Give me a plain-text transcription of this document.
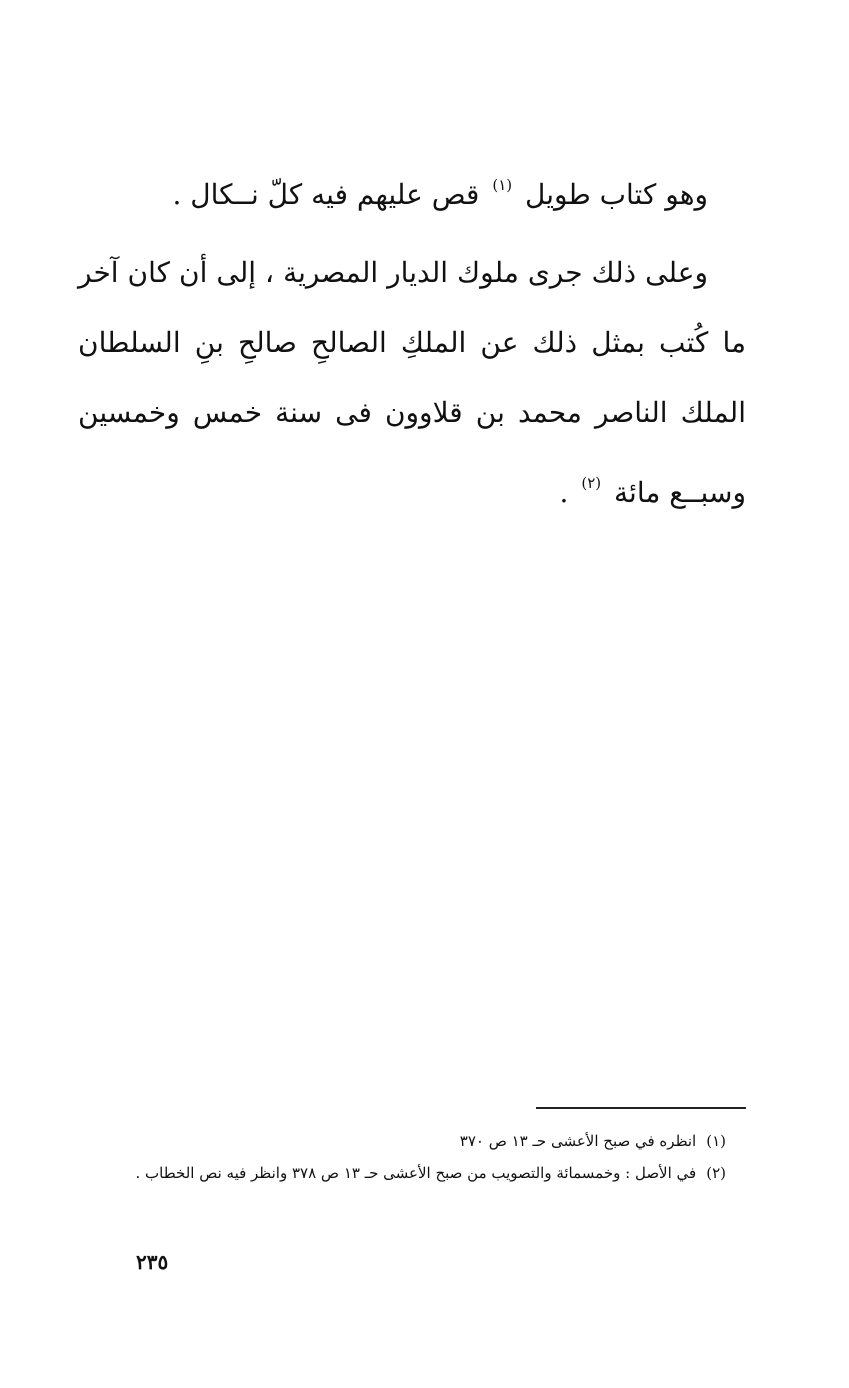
وهو كتاب طويل $^{(١)}$ قص عليهم فيه كلّ نــكال .

وعلى ذلك جرى ملوك الديار المصرية ، إلى أن كان آخر ما كُتب بمثل ذلك عن الملكِ الصالحِ صالحِ بنِ السلطان الملك الناصر محمد بن قلاوون فى سنة خمس وخمسين وسبــع مائة $^{(٢)}$ .

(١)
انظره في صبح الأعشى حـ ١٣ ص ٣٧٠
(٢)
في الأصل : وخمسمائة والتصويب من صبح الأعشى حـ ١٣ ص ٣٧٨ وانظر فيه نص الخطاب .
٢٣٥
